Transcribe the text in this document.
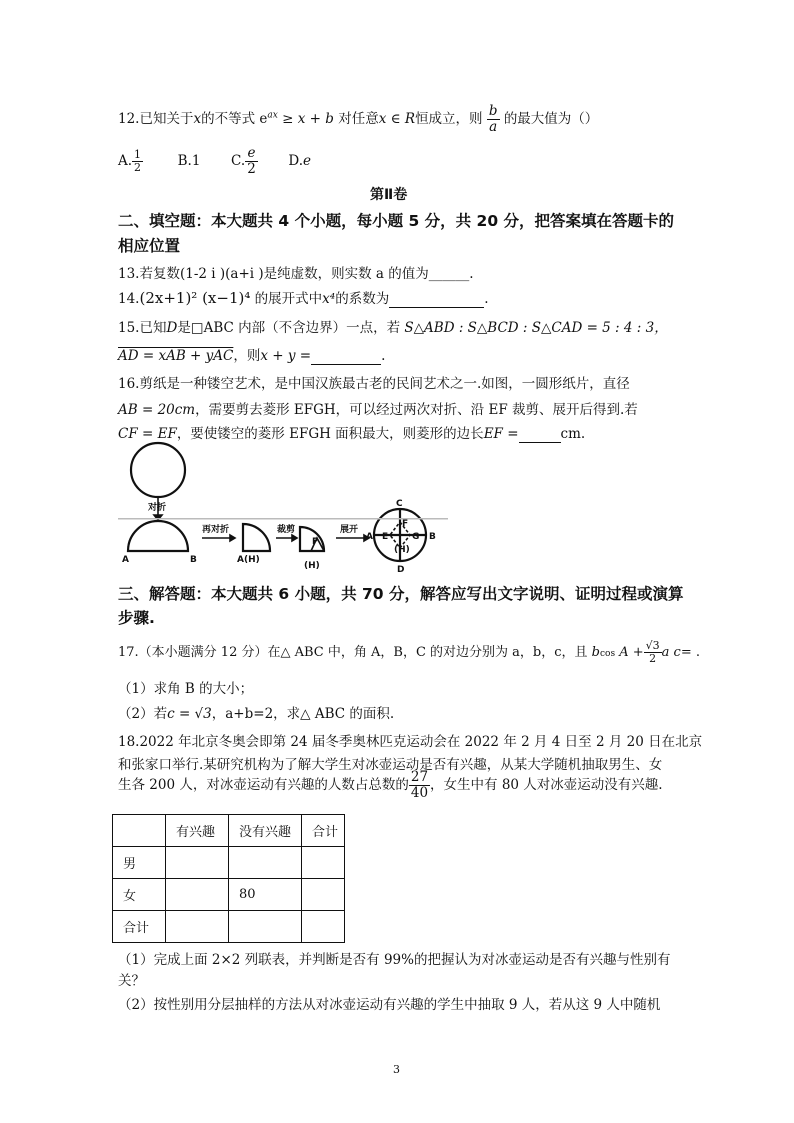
12.已知关于x的不等式 $e^{ax} \ge x + b$ 对任意x ∈ R恒成立，则 $\frac{b}{a}$ 的最大值为（）
A. $\frac{1}{2}$	B.1 C. $\frac{e}{2} D.e$
第Ⅱ卷
二、填空题：本大题共 4 个小题，每小题 5 分，共 20 分，把答案填在答题卡的
相应位置
13.若复数(1-2 i )(a+i )是纯虚数，则实数 a 的值为______.
14.(2x+1)² (x−1)⁴ 的展开式中x⁴的系数为	.
15.已知D是□ABC 内部（不含边界）一点，若 S△ABD : S△BCD : S△CAD = 5 : 4 : 3，
AD = xAB + yAC，则x + y =	.
16.剪纸是一种镂空艺术，是中国汉族最古老的民间艺术之一.如图，一圆形纸片，直径
AB = 20cm，需要剪去菱形 EFGH，可以经过两次对折、沿 EF 裁剪、展开后得到.若
CF = EF，要使镂空的菱形 EFGH 面积最大，则菱形的边长EF =	cm.
对折
再对折	裁剪	展开
A	B	A(H)
(H)
F
C
D
A	B
F
E	G
(H)
三、解答题：本大题共 6 小题，共 70 分，解答应写出文字说明、证明过程或演算
步骤.
17.（本小题满分 12 分）在△ ABC 中，角 A，B，C 的对边分别为 a，b，c，且 bcos $A + \frac{√3}{2}$ a c= .
（1）求角 B 的大小；
（2）若c = √3，a+b=2，求△ ABC 的面积.
18.2022 年北京冬奥会即第 24 届冬季奥林匹克运动会在 2022 年 2 月 4 日至 2 月 20 日在北京
和张家口举行.某研究机构为了解大学生对冰壶运动是否有兴趣，从某大学随机抽取男生、女
生各 200 人，对冰壶运动有兴趣的人数占总数的 $\frac{27}{40}$ ，女生中有 80 人对冰壶运动没有兴趣.
	有兴趣	没有兴趣	合计
男			
女		80	
合计			
（1）完成上面 2×2 列联表，并判断是否有 99%的把握认为对冰壶运动是否有兴趣与性别有
关？
（2）按性别用分层抽样的方法从对冰壶运动有兴趣的学生中抽取 9 人，若从这 9 人中随机
3
